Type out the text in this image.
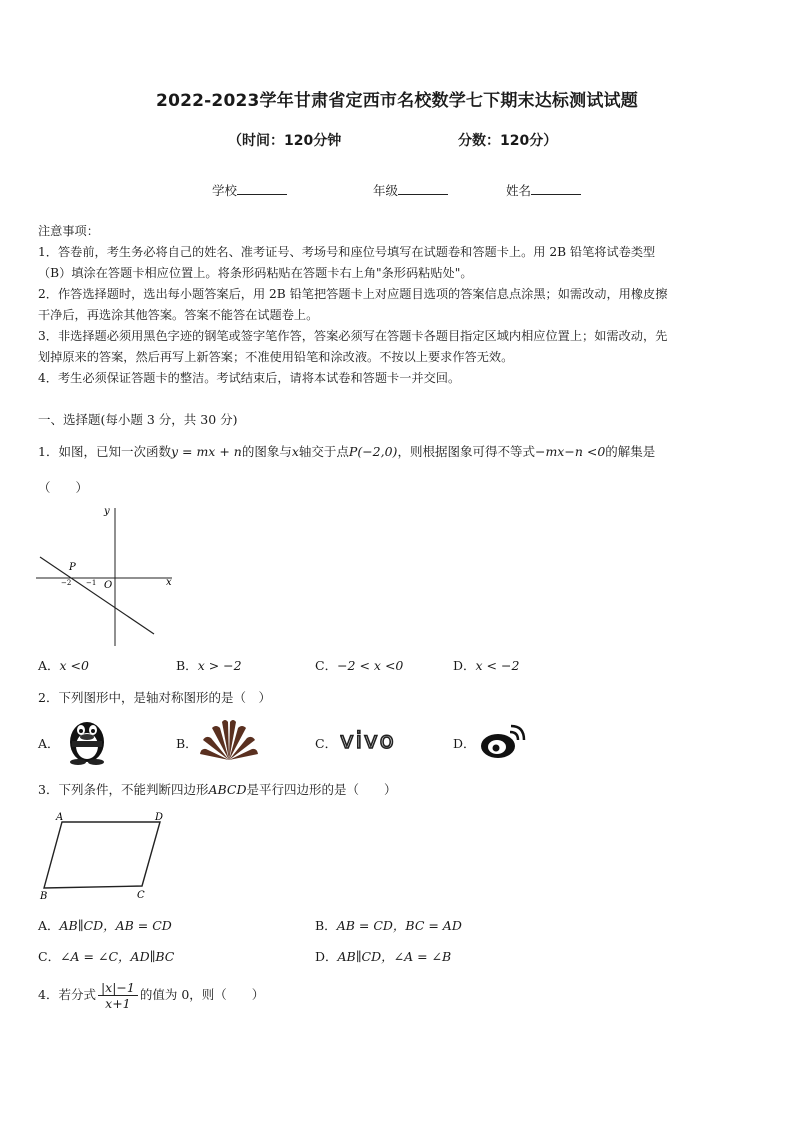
2022-2023学年甘肃省定西市名校数学七下期末达标测试试题
（时间：120分钟	分数：120分）
学校	年级	姓名
注意事项：
1．答卷前，考生务必将自己的姓名、准考证号、考场号和座位号填写在试题卷和答题卡上。用 2B 铅笔将试卷类型
（B）填涂在答题卡相应位置上。将条形码粘贴在答题卡右上角"条形码粘贴处"。
2．作答选择题时，选出每小题答案后，用 2B 铅笔把答题卡上对应题目选项的答案信息点涂黑；如需改动，用橡皮擦
干净后，再选涂其他答案。答案不能答在试题卷上。
3．非选择题必须用黑色字迹的钢笔或签字笔作答，答案必须写在答题卡各题目指定区域内相应位置上；如需改动，先
划掉原来的答案，然后再写上新答案；不准使用铅笔和涂改液。不按以上要求作答无效。
4．考生必须保证答题卡的整洁。考试结束后，请将本试卷和答题卡一并交回。
一、选择题(每小题 3 分，共 30 分)
1．如图，已知一次函数y = mx + n的图象与x轴交于点P(−2,0)，则根据图象可得不等式−mx−n <0的解集是
（　　）
y
x
O
P
−2 −1
A．x <0	B．x > −2	C．−2 < x <0	D．x < −2
2．下列图形中，是轴对称图形的是（　）
A．	B．	C． vivo	D．
3．下列条件，不能判断四边形ABCD是平行四边形的是（　　）
A	D
B	C
A．AB∥CD，AB = CD	B．AB = CD，BC = AD
C．∠A = ∠C，AD∥BC	D．AB∥CD，∠A = ∠B
4．若分式 $\frac{|x|-1}{x+1}$ 的值为 0，则（　　）
